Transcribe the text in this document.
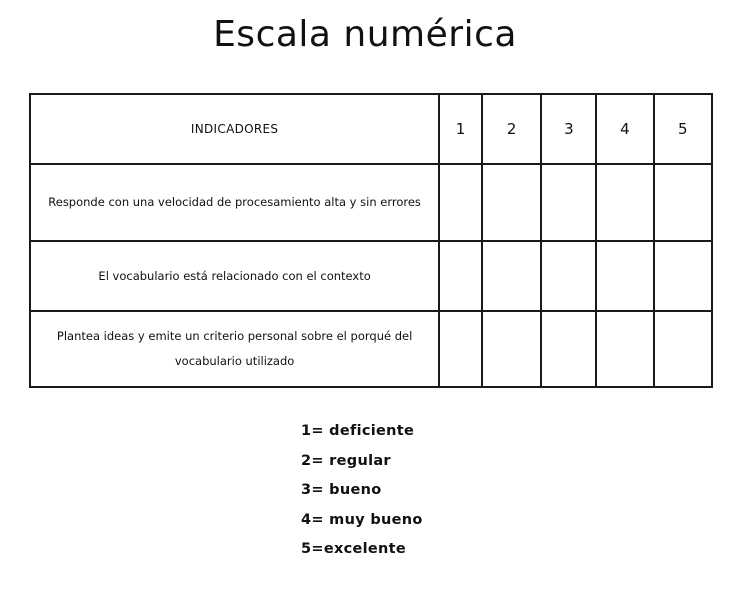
Escala numérica
INDICADORES	1	2	3	4	5
Responde con una velocidad de procesamiento alta y sin errores					
El vocabulario está relacionado con el contexto					
Plantea ideas y emite un criterio personal sobre el porqué del vocabulario utilizado					
1= deficiente
2= regular
3= bueno
4= muy bueno
5=excelente
